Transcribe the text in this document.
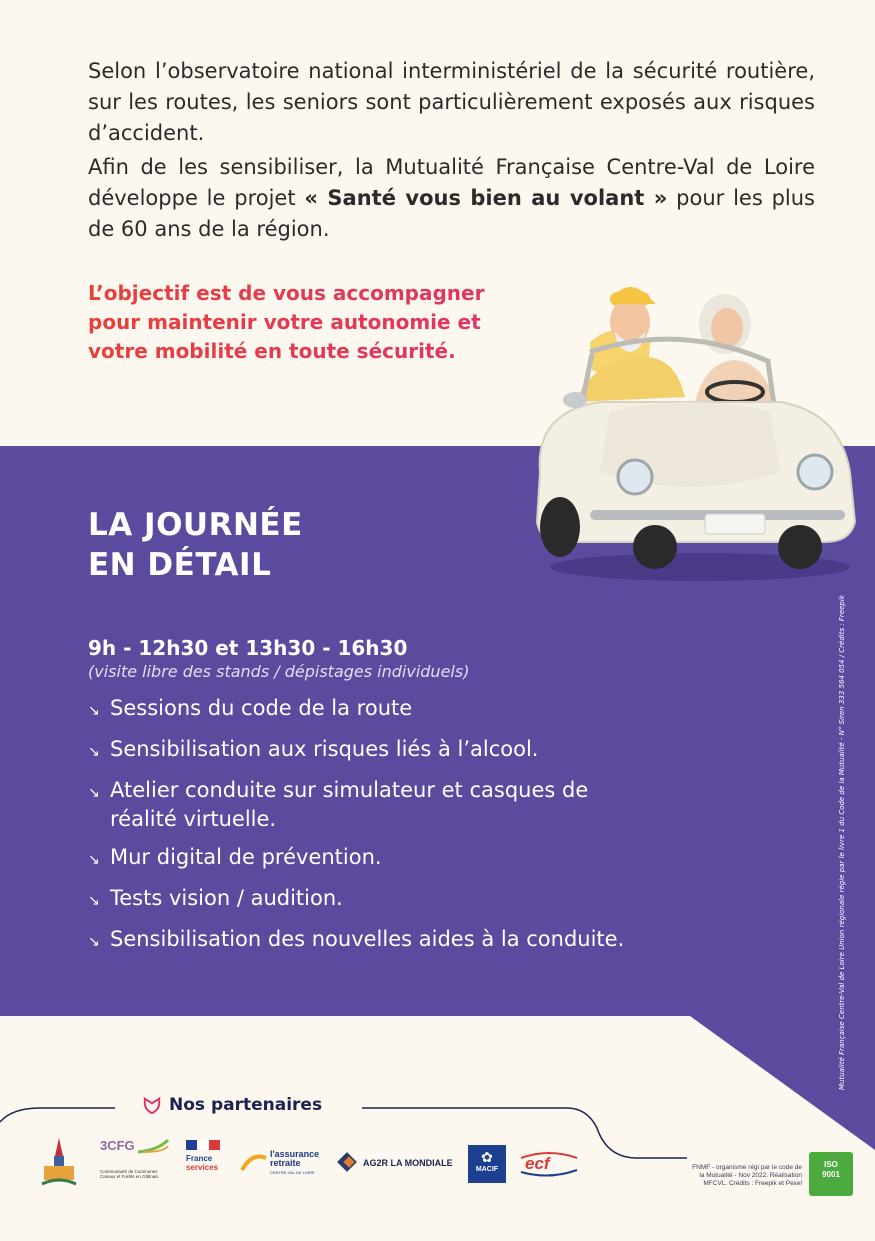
Selon l’observatoire national interministériel de la sécurité routière, sur les routes, les seniors sont particulièrement exposés aux risques d’accident.

Afin de les sensibiliser, la Mutualité Française Centre-Val de Loire développe le projet « Santé vous bien au volant » pour les plus de 60 ans de la région.

L’objectif est de vous accompagner
pour maintenir votre autonomie et
votre mobilité en toute sécurité.
LA JOURNÉE
EN DÉTAIL
9h - 12h30 et 13h30 - 16h30
(visite libre des stands / dépistages individuels)
↘ Sessions du code de la route
↘ Sensibilisation aux risques liés à l’alcool.
↘ Atelier conduite sur simulateur et casques de réalité virtuelle.
↘ Mur digital de prévention.
↘ Tests vision / audition.
↘ Sensibilisation des nouvelles aides à la conduite.	Mutualité Française Centre-Val de Loire Union régionale régie par le livre 1 du Code de la Mutualité - N° Siren 333 564 054 / Crédits : Freepik
Nos partenaires
3CFG
Communauté de Communes Canaux et Forêts en Gâtinais
France
services
l'assurance
retraite
CENTRE-VAL DE LOIRE
AG2R LA MONDIALE	✿
MACIF	ecf	FNMF - organisme régi par le code de la Mutualité - Nov 2022. Réalisation MFCVL. Crédits : Freepik et Pexel
ISO
9001
